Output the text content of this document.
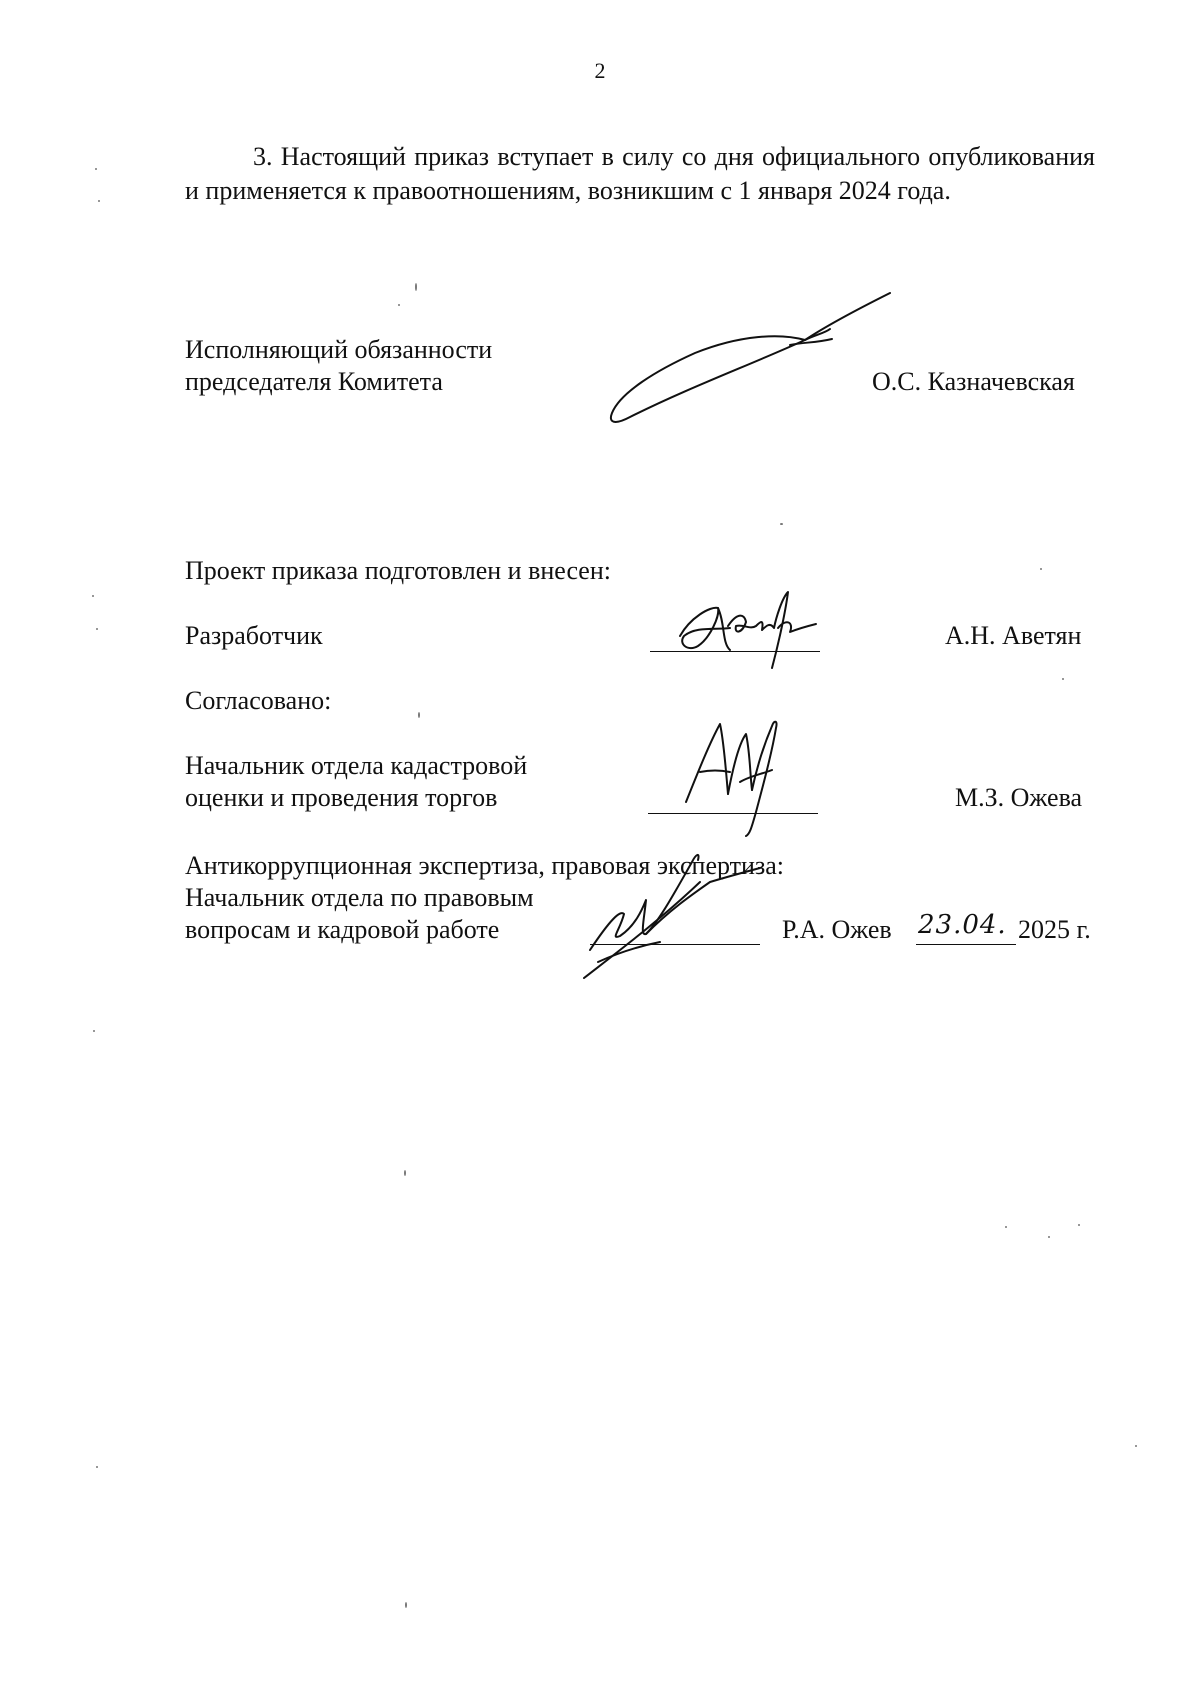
2
3. Настоящий приказ вступает в силу со дня официального опубликования и применяется к правоотношениям, возникшим с 1 января 2024 года.
Исполняющий обязанности
председателя Комитета	О.С. Казначевская
Проект приказа подготовлен и внесен:
Разработчик	А.Н. Аветян
Согласовано:
Начальник отдела кадастровой
оценки и проведения торгов	М.З. Ожева
Антикоррупционная экспертиза, правовая экспертиза:
Начальник отдела по правовым
вопросам и кадровой работе	Р.А. Ожев 23.04. 2025 г.
